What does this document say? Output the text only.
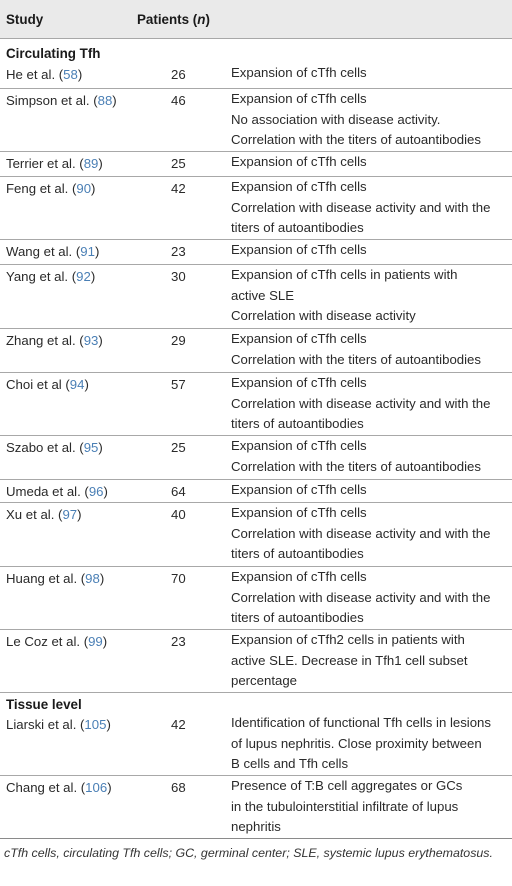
Study	Patients (n)
Circulating Tfh
He et al. (58)	26	Expansion of cTfh cells
Simpson et al. (88)	46	Expansion of cTfh cells
No association with disease activity.
Correlation with the titers of autoantibodies
Terrier et al. (89)	25	Expansion of cTfh cells
Feng et al. (90)	42	Expansion of cTfh cells
Correlation with disease activity and with the
titers of autoantibodies
Wang et al. (91)	23	Expansion of cTfh cells
Yang et al. (92)	30	Expansion of cTfh cells in patients with
active SLE
Correlation with disease activity
Zhang et al. (93)	29	Expansion of cTfh cells
Correlation with the titers of autoantibodies
Choi et al (94)	57	Expansion of cTfh cells
Correlation with disease activity and with the
titers of autoantibodies
Szabo et al. (95)	25	Expansion of cTfh cells
Correlation with the titers of autoantibodies
Umeda et al. (96)	64	Expansion of cTfh cells
Xu et al. (97)	40	Expansion of cTfh cells
Correlation with disease activity and with the
titers of autoantibodies
Huang et al. (98)	70	Expansion of cTfh cells
Correlation with disease activity and with the
titers of autoantibodies
Le Coz et al. (99)	23	Expansion of cTfh2 cells in patients with
active SLE. Decrease in Tfh1 cell subset
percentage
Tissue level
Liarski et al. (105)	42	Identification of functional Tfh cells in lesions
of lupus nephritis. Close proximity between
B cells and Tfh cells
Chang et al. (106)	68	Presence of T:B cell aggregates or GCs
in the tubulointerstitial infiltrate of lupus
nephritis
cTfh cells, circulating Tfh cells; GC, germinal center; SLE, systemic lupus erythematosus.
